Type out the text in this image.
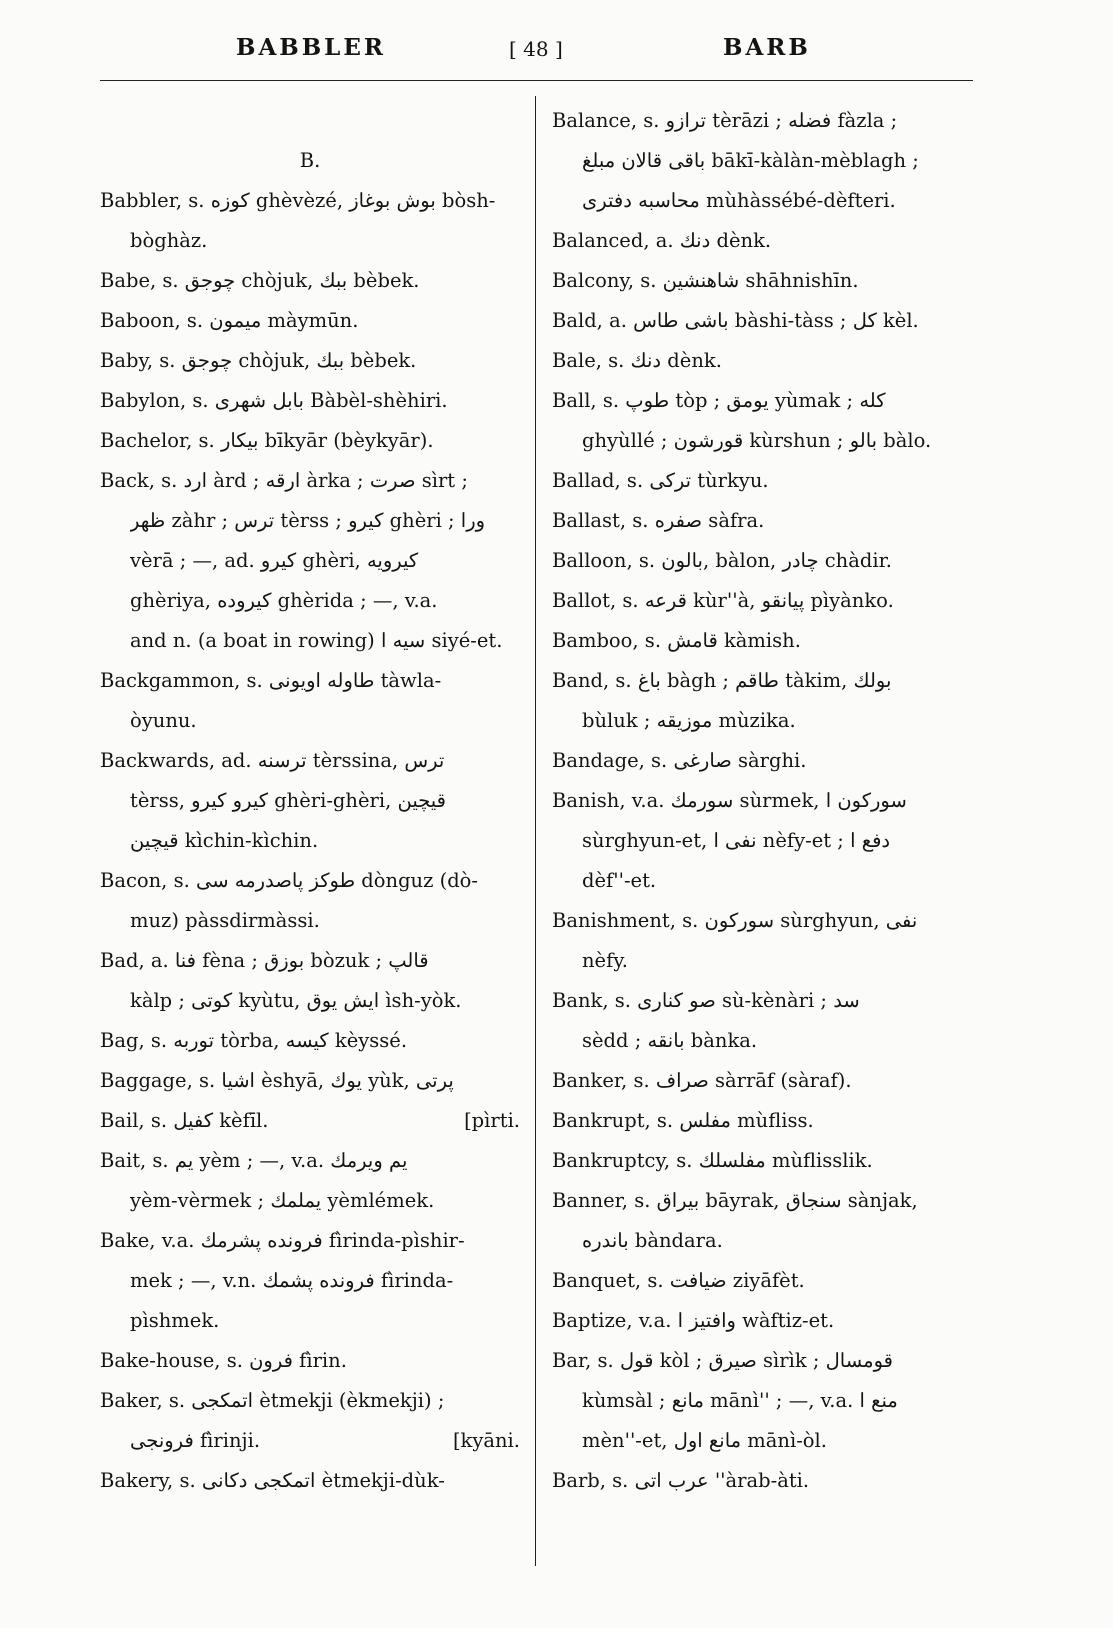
BABBLER	[ 48 ]	BARB
B.
Babbler, s. كوزه ghèvèzé, بوش بوغاز bòsh-
bòghàz.
Babe, s. چوجق chòjuk, ببك bèbek.
Baboon, s. ميمون màymūn.
Baby, s. چوجق chòjuk, ببك bèbek.
Babylon, s. بابل شهرى Bàbèl-shèhiri.
Bachelor, s. بيكار bīkyār (bèykyār).
Back, s. ارد àrd ; ارقه àrka ; صرت sìrt ;
ظهر zàhr ; ترس tèrss ; كيرو ghèri ; ورا
vèrā ; —, ad. كيرو ghèri, كيرويه
ghèriya, كيروده ghèrida ; —, v.a.
and n. (a boat in rowing) سيه ا siyé-et.
Backgammon, s. طاوله اويونى tàwla-
òyunu.
Backwards, ad. ترسنه tèrssina, ترس
tèrss, كيرو كيرو ghèri-ghèri, قيچين
قيچين kìchin-kìchin.
Bacon, s. طوكز پاصدرمه سى dònguz (dò-
muz) pàssdirmàssi.
Bad, a. فنا fèna ; بوزق bòzuk ; قالپ
kàlp ; كوتى kyùtu, ايش يوق ìsh-yòk.
Bag, s. توربه tòrba, كيسه kèyssé.
Baggage, s. اشيا èshyā, يوك yùk, پرتى
Bail, s. كفيل kèfīl.	[pìrti.
Bait, s. يم yèm ; —, v.a. يم ويرمك
yèm-vèrmek ; يملمك yèmlémek.
Bake, v.a. فرونده پشرمك fìrinda-pìshir-
mek ; —, v.n. فرونده پشمك fìrinda-
pìshmek.
Bake-house, s. فرون fìrin.
Baker, s. اتمكجى ètmekji (èkmekji) ;
فرونجى fìrinji.	[kyāni.
Bakery, s. اتمكجى دكانى ètmekji-dùk-
Balance, s. ترازو tèrāzi ; فضله fàzla ;
باقى قالان مبلغ bākī-kàlàn-mèblagh ;
محاسبه دفترى mùhàssébé-dèfteri.
Balanced, a. دنك dènk.
Balcony, s. شاهنشين shāhnishīn.
Bald, a. باشى طاس bàshi-tàss ; كل kèl.
Bale, s. دنك dènk.
Ball, s. طوپ tòp ; يومق yùmak ; كله
ghyùllé ; قورشون kùrshun ; بالو bàlo.
Ballad, s. تركى tùrkyu.
Ballast, s. صفره sàfra.
Balloon, s. بالون, bàlon, چادر chàdir.
Ballot, s. قرعه kùr''à, پيانقو pìyànko.
Bamboo, s. قامش kàmish.
Band, s. باغ bàgh ; طاقم tàkim, بولك
bùluk ; موزيقه mùzika.
Bandage, s. صارغى sàrghi.
Banish, v.a. سورمك sùrmek, سوركون ا
sùrghyun-et, نفى ا nèfy-et ; دفع ا
dèf''-et.
Banishment, s. سوركون sùrghyun, نفى
nèfy.
Bank, s. صو كنارى sù-kènàri ; سد
sèdd ; بانقه bànka.
Banker, s. صراف sàrrāf (sàraf).
Bankrupt, s. مفلس mùfliss.
Bankruptcy, s. مفلسلك mùflisslik.
Banner, s. بيراق bāyrak, سنجاق sànjak,
باندره bàndara.
Banquet, s. ضيافت ziyāfèt.
Baptize, v.a. وافتيز ا wàftiz-et.
Bar, s. قول kòl ; صيرق sìrìk ; قومسال
kùmsàl ; مانع mānì'' ; —, v.a. منع ا
mèn''-et, مانع اول mānì-òl.
Barb, s. عرب اتى ''àrab-àti.
